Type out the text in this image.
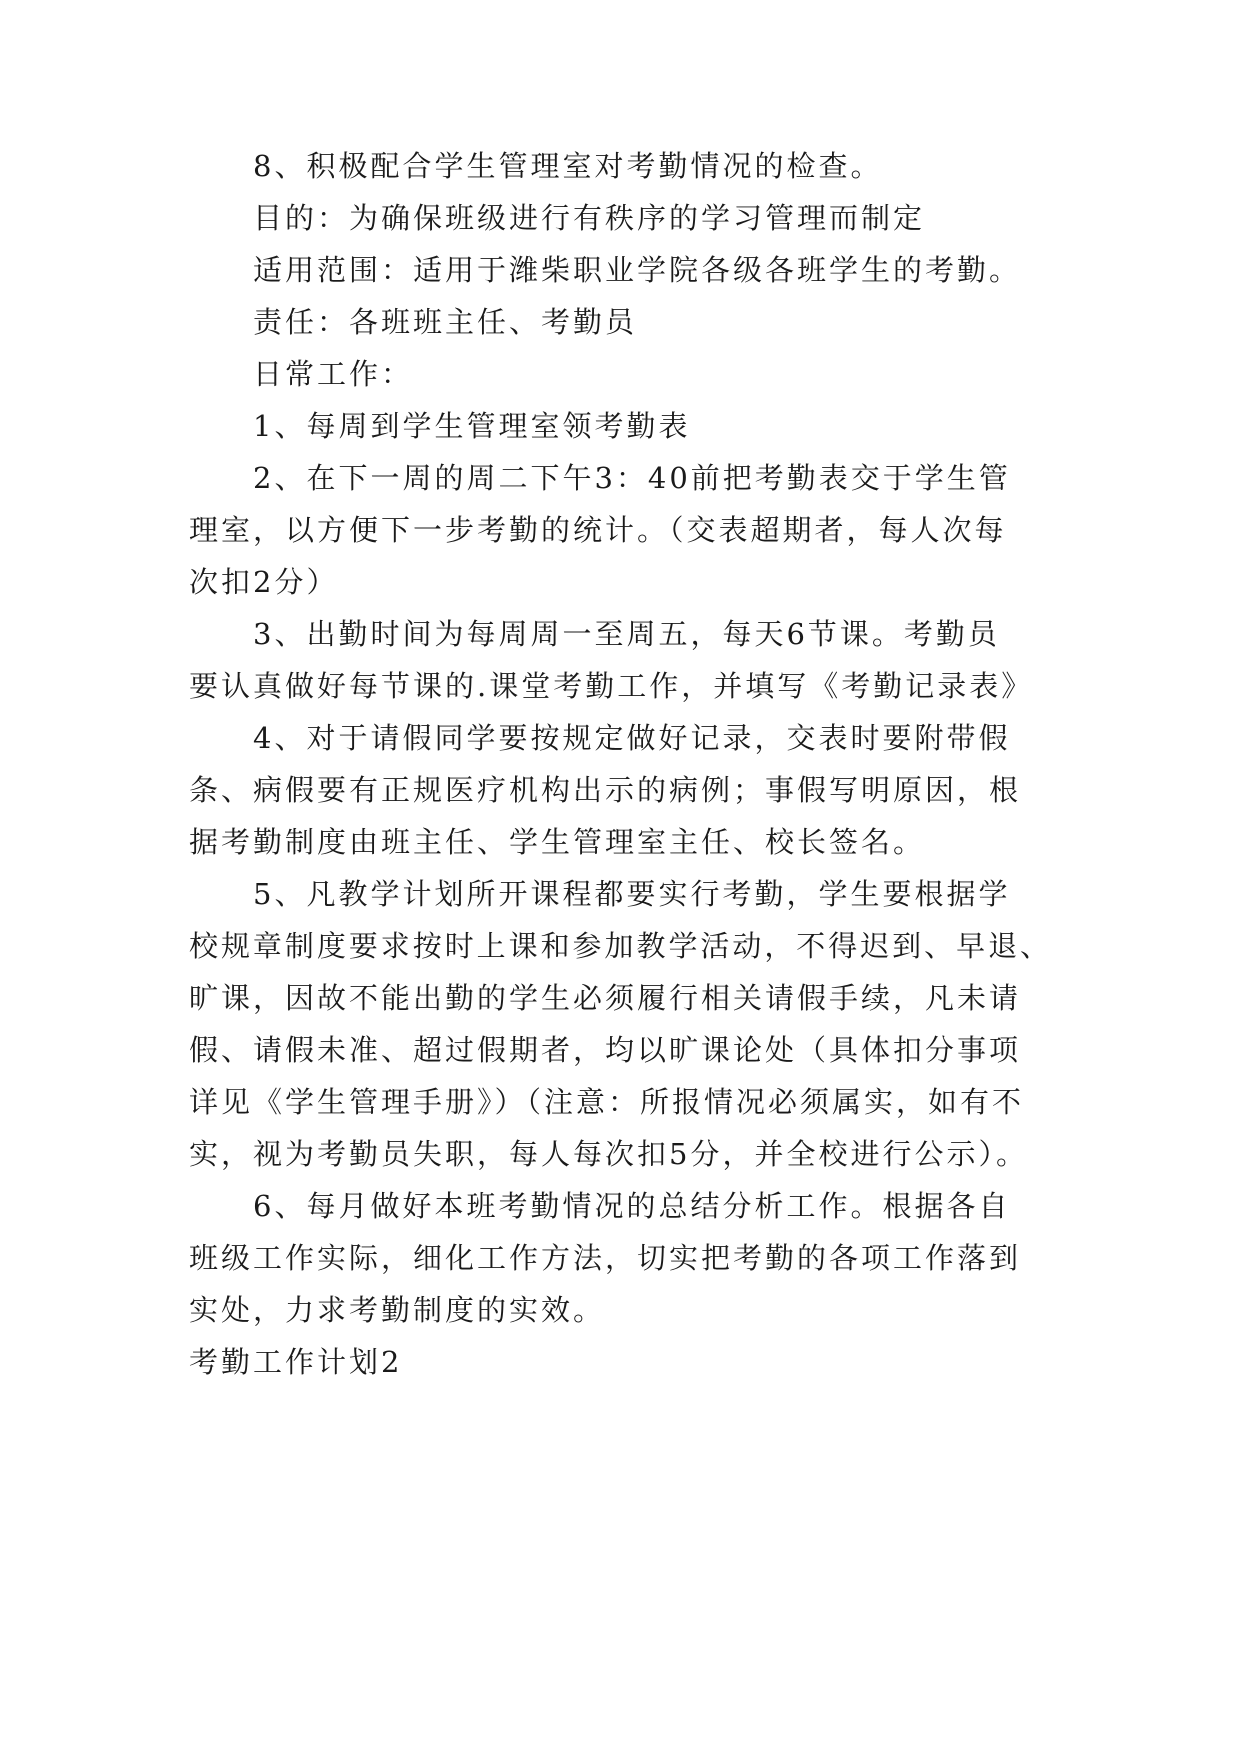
8、积极配合学生管理室对考勤情况的检查。
目的：为确保班级进行有秩序的学习管理而制定
适用范围：适用于潍柴职业学院各级各班学生的考勤。
责任：各班班主任、考勤员
日常工作：
1、每周到学生管理室领考勤表
2、在下一周的周二下午3：40前把考勤表交于学生管
理室，以方便下一步考勤的统计。（交表超期者，每人次每
次扣2分）
3、出勤时间为每周周一至周五，每天6节课。考勤员
要认真做好每节课的.课堂考勤工作，并填写《考勤记录表》
4、对于请假同学要按规定做好记录，交表时要附带假
条、病假要有正规医疗机构出示的病例；事假写明原因，根
据考勤制度由班主任、学生管理室主任、校长签名。
5、凡教学计划所开课程都要实行考勤，学生要根据学
校规章制度要求按时上课和参加教学活动，不得迟到、早退、
旷课，因故不能出勤的学生必须履行相关请假手续，凡未请
假、请假未准、超过假期者，均以旷课论处（具体扣分事项
详见《学生管理手册》）（注意：所报情况必须属实，如有不
实，视为考勤员失职，每人每次扣5分，并全校进行公示）。
6、每月做好本班考勤情况的总结分析工作。根据各自
班级工作实际，细化工作方法，切实把考勤的各项工作落到
实处，力求考勤制度的实效。
考勤工作计划2
